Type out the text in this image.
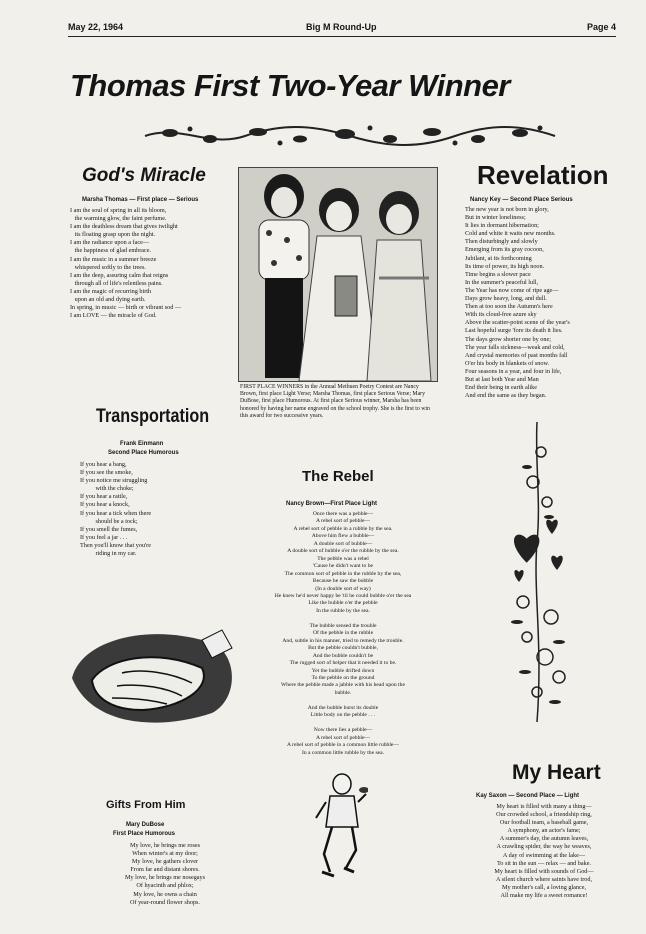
May 22, 1964	Big M Round-Up	Page 4
Thomas First Two-Year Winner
God's Miracle
Marsha Thomas — First place — Serious
I am the soul of spring in all its bloom,
the warming glow, the faint perfume.
I am the deathless dream that gives twilight
its floating grasp upon the night.
I am the radiance upon a face—
the happiness of glad embrace.
I am the music in a summer breeze
whispered softly to the trees.
I am the deep, assuring calm that reigns
through all of life's relentless pains.
I am the magic of recurring birth
upon an old and dying earth.
In spring, in music — birth or vibrant sod —
I am LOVE — the miracle of God.
FIRST PLACE WINNERS in the Annual Methuen Poetry Contest are Nancy Brown, first place Light Verse; Marsha Thomas, first place Serious Verse; Mary DuBose, first place Humorous. At first place Serious winner, Marsha has been honored by having her name engraved on the school trophy. She is the first to win this award for two successive years.
Revelation
Nancy Key — Second Place Serious
The new year is not born in glory,
But in winter loneliness;
It lies in dormant hibernation;
Cold and white it waits new months.
Then disturbingly and slowly
Emerging from its gray cocoon,
Jubilant, at its forthcoming
Its time of power, its high noon.
Time begins a slower pace
In the summer's peaceful lull,
The Year has now come of ripe age—
Days grow heavy, long, and dull.
Then at too soon the Autumn's here
With its cloud-free azure sky
Above the scatter-point scene of the year's
Last hopeful surge 'fore its death it lies.
The days grow shorter one by one;
The year falls sickness—weak and cold,
And crystal memories of past months fall
O'er his body in blankets of snow.
Four seasons in a year, and four in life,
But at last both Year and Man
End their being in earth alike
And end the same as they began.
Transportation
Frank Einmann
Second Place Humorous
If you hear a bang,
If you see the smoke,
If you notice me struggling
with the choke;
If you hear a rattle,
If you hear a knock,
If you hear a tick when there
should be a tock;
If you smell the fumes,
If you feel a jar . . .
Then you'll know that you're
riding in my car.
The Rebel
Nancy Brown—First Place Light
Once there was a pebble—
A rebel sort of pebble—
A rebel sort of pebble in a rubble by the sea.
Above him flew a bubble—
A double sort of bubble—
A double sort of bubble o'er the rubble by the sea.
The pebble was a rebel
'Cause he didn't want to be
The common sort of pebble in the rubble by the sea,
Because he saw the bubble
(In a double sort of way)
He knew he'd never happy be 'til he could bubble o'er the sea
Like the bubble o'er the pebble
In the rubble by the sea.

The bubble sensed the trouble
Of the pebble in the rubble
And, subtle in his manner, tried to remedy the trouble.
But the pebble couldn't bubble,
And the bubble couldn't be
The rugged sort of helper that it needed it to be.
Yet the bubble drifted down
To the pebble on the ground
Where the pebble made a jabble with his head upon the
bubble.

And the bubble burst its double
Little body on the pebble . . .

Now there lies a pebble—
A rebel sort of pebble—
A rebel sort of pebble in a common little rubble—
In a common little rubble by the sea.
Gifts From Him
Mary DuBose
First Place Humorous
My love, he brings me roses
When winter's at my door;
My love, he gathers clover
From far and distant shores.
My love, he brings me nosegays
Of hyacinth and phlox;
My love, he owns a chain
Of year-round flower shops.
My Heart
Kay Saxon — Second Place — Light
My heart is filled with many a thing—
Our crowded school, a friendship ring,
Our football team, a baseball game,
A symphony, an actor's fame;
A summer's day, the autumn leaves,
A crawling spider, the way he weaves,
A day of swimming at the lake—
To sit in the sun — relax — and bake.
My heart is filled with sounds of God—
A silent church where saints have trod,
My mother's call, a loving glance,
All make my life a sweet romance!
